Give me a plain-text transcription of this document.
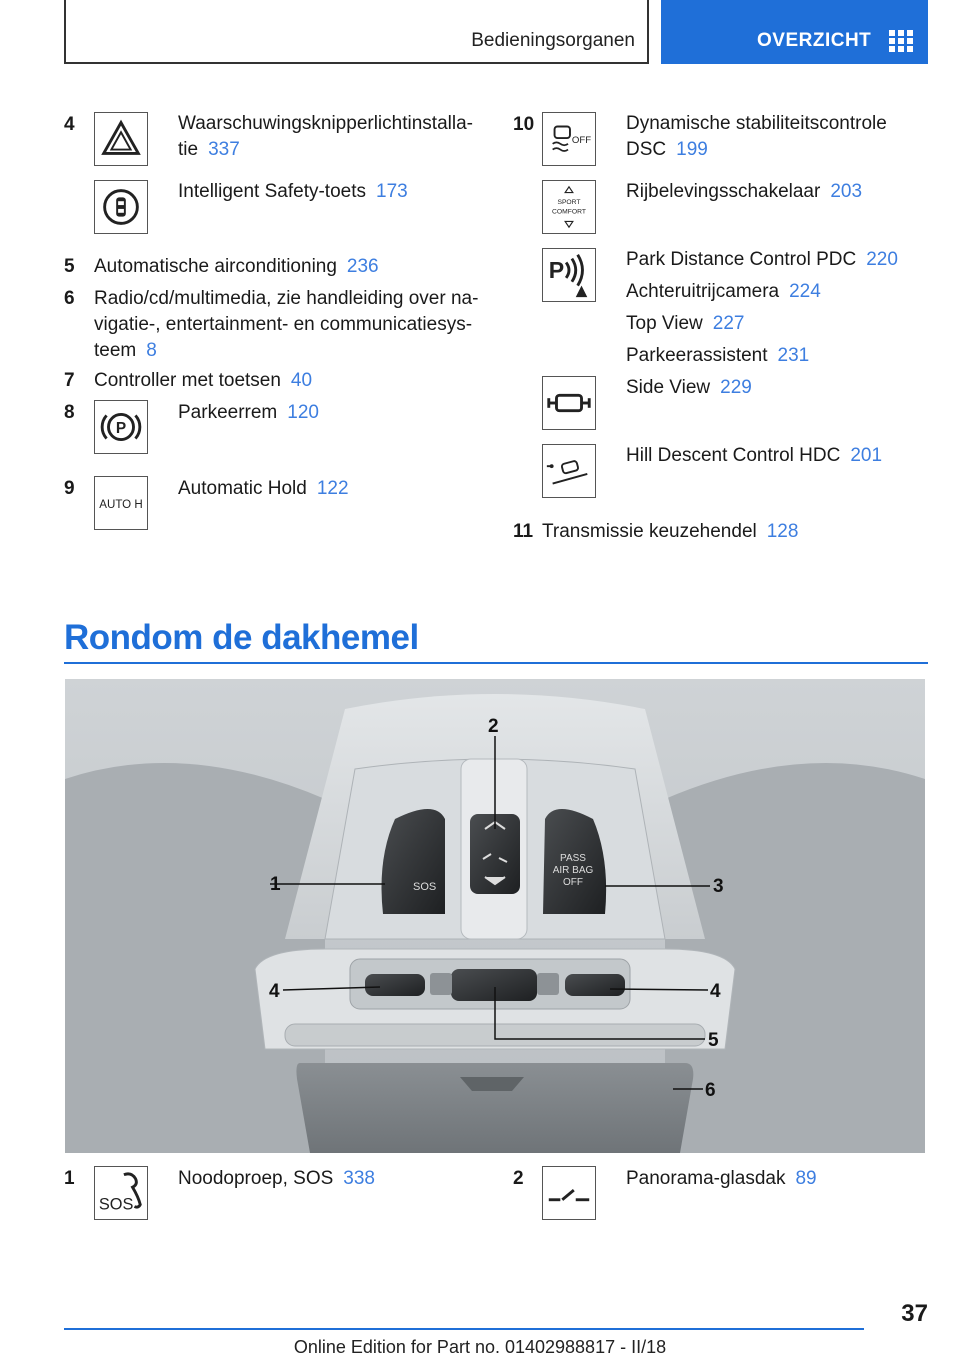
Bedieningsorganen	OVERZICHT
4	Waarschuwingsknipperlichtinstalla-
tie 337
Intelligent Safety-toets 173
5 Automatische airconditioning 236
6 Radio/cd/multimedia, zie handleiding over na-
vigatie-, entertainment- en communicatiesys-
teem 8
7 Controller met toetsen 40
8
P
Parkeerrem 120
9
AUTO H
Automatic Hold 122
10
OFF
Dynamische stabiliteitscontrole
DSC 199
SPORT
COMFORT
Rijbelevingsschakelaar 203
P	Park Distance Control PDC 220
Achteruitrijcamera 224
Top View 227
Parkeerassistent 231
Side View 229
Hill Descent Control HDC 201
11 Transmissie keuzehendel 128
Rondom de dakhemel
SOS
PASS
AIR BAG
OFF
1
2
3
4	4
5
6
1
SOS
Noodoproep, SOS 338	2	Panorama-glasdak 89
37
Online Edition for Part no. 01402988817 - II/18
